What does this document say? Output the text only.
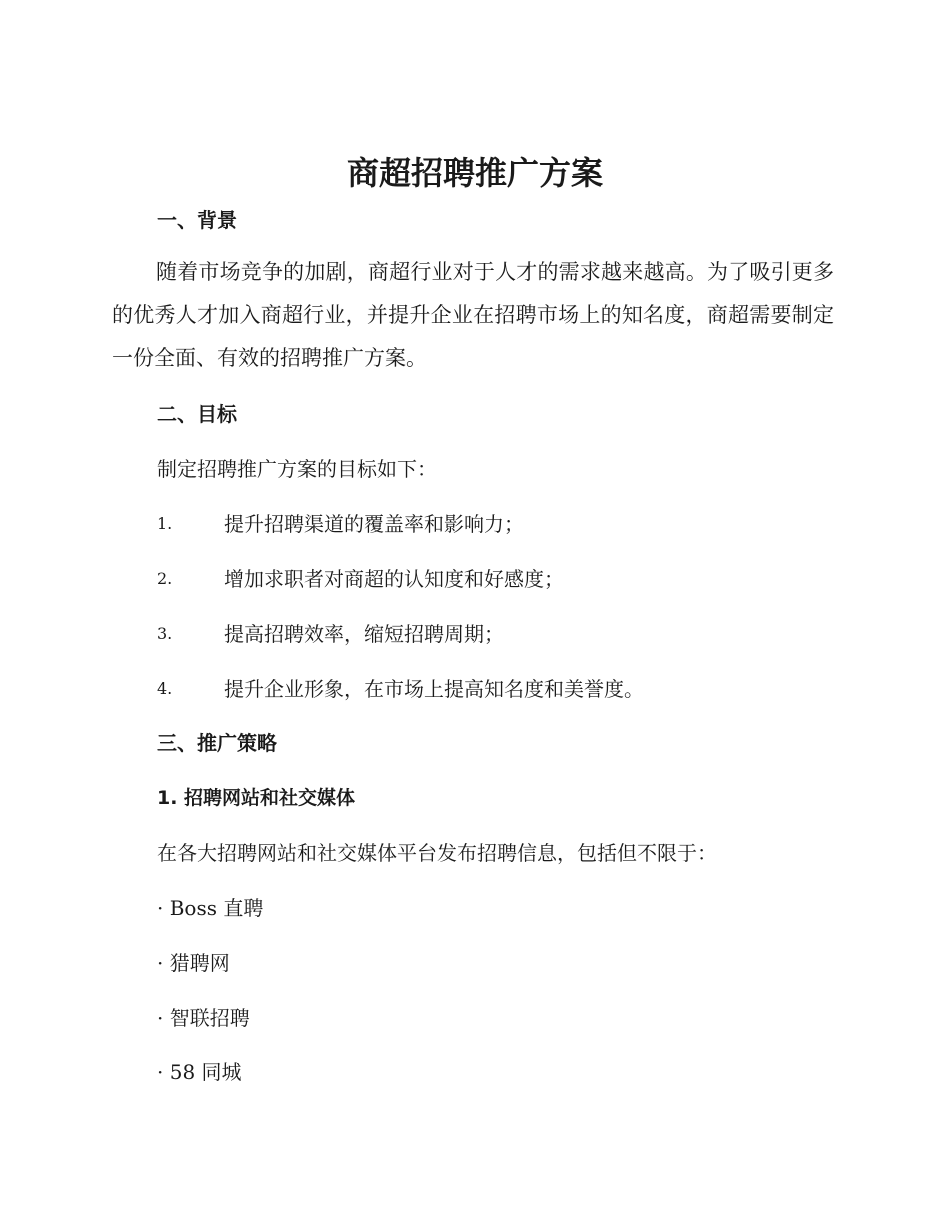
商超招聘推广方案
一、背景

随着市场竞争的加剧，商超行业对于人才的需求越来越高。为了吸引更多的优秀人才加入商超行业，并提升企业在招聘市场上的知名度，商超需要制定一份全面、有效的招聘推广方案。

二、目标

制定招聘推广方案的目标如下：

1.	提升招聘渠道的覆盖率和影响力；
2.	增加求职者对商超的认知度和好感度；
3.	提高招聘效率，缩短招聘周期；
4.	提升企业形象，在市场上提高知名度和美誉度。
三、推广策略
1. 招聘网站和社交媒体

在各大招聘网站和社交媒体平台发布招聘信息，包括但不限于：

· Boss 直聘
· 猎聘网
· 智联招聘
· 58 同城
